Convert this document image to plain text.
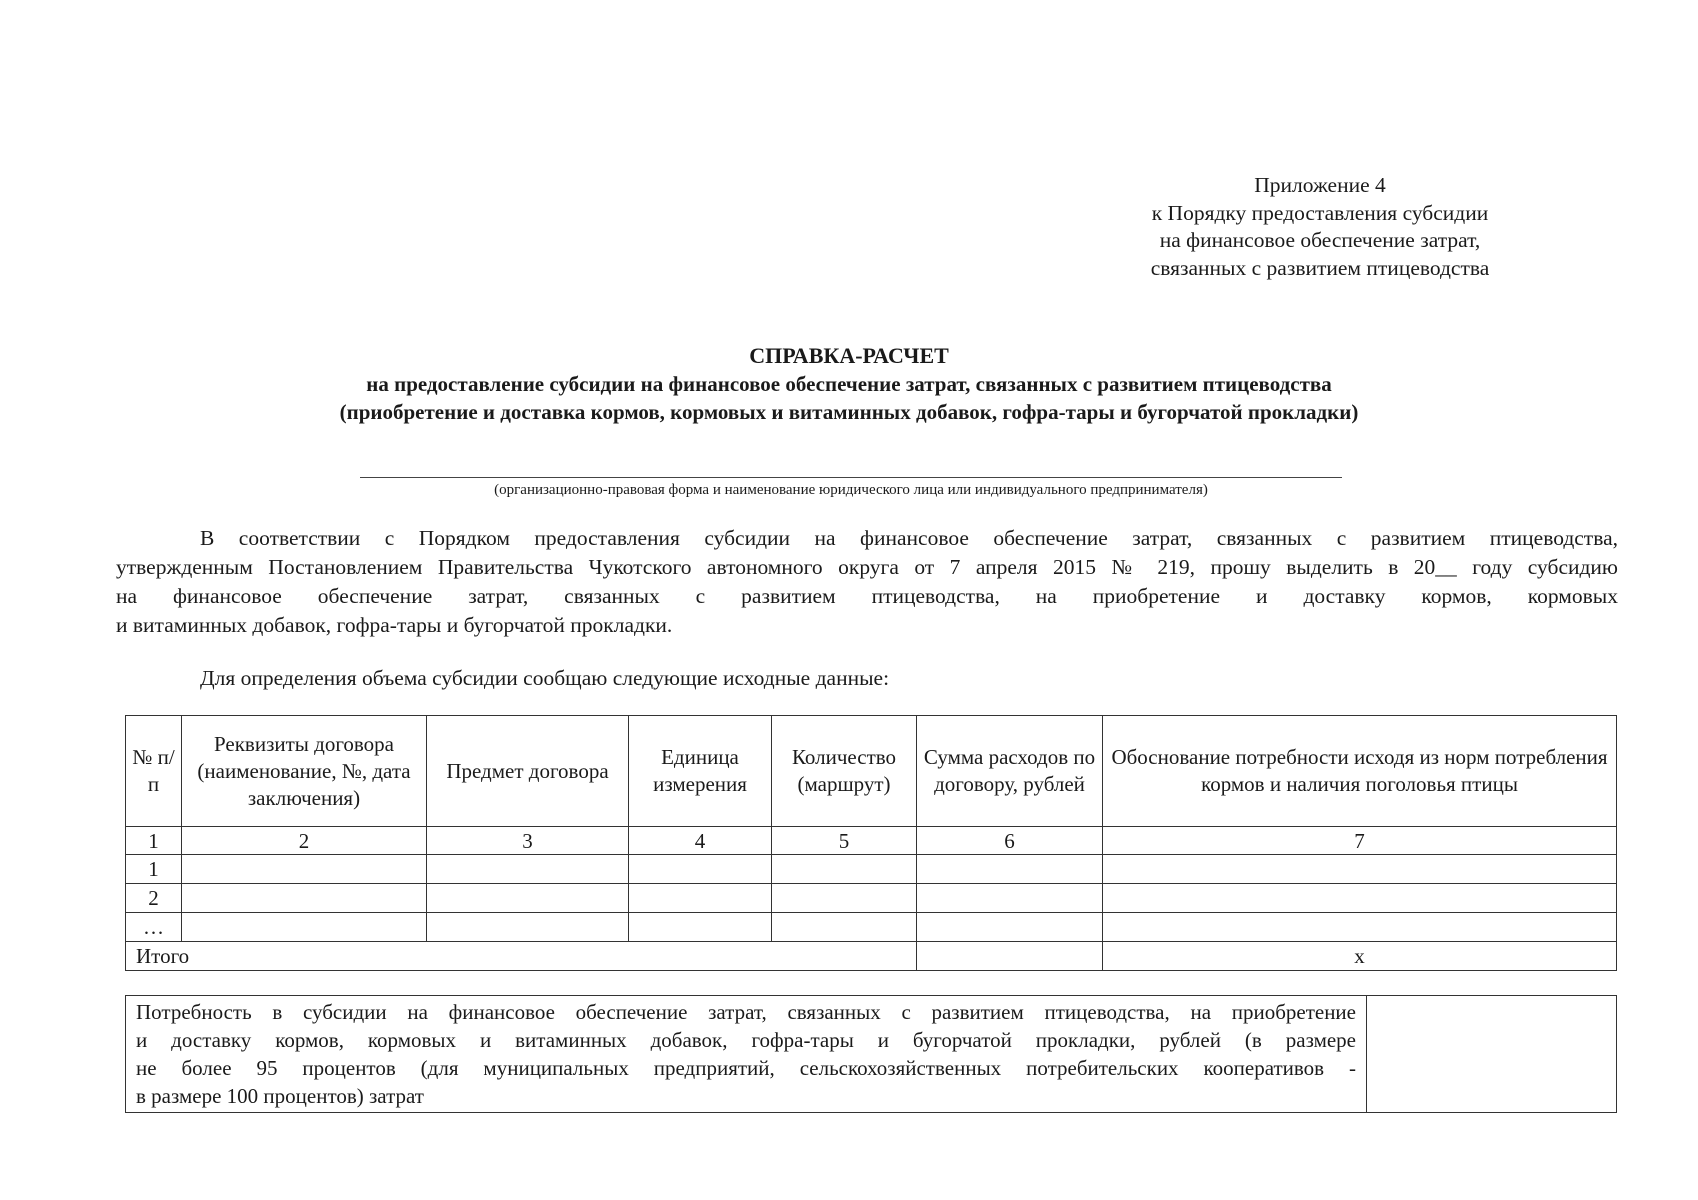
Приложение 4
к Порядку предоставления субсидии
на финансовое обеспечение затрат,
связанных с развитием птицеводства
СПРАВКА-РАСЧЕТ
на предоставление субсидии на финансовое обеспечение затрат, связанных с развитием птицеводства
(приобретение и доставка кормов, кормовых и витаминных добавок, гофра-тары и бугорчатой прокладки)
(организационно-правовая форма и наименование юридического лица или индивидуального предпринимателя)
В соответствии с Порядком предоставления субсидии на финансовое обеспечение затрат, связанных с развитием птицеводства,
утвержденным Постановлением Правительства Чукотского автономного округа от 7 апреля 2015 № 219, прошу выделить в 20__ году субсидию
на финансовое обеспечение затрат, связанных с развитием птицеводства, на приобретение и доставку кормов, кормовых
и витаминных добавок, гофра-тары и бугорчатой прокладки.
Для определения объема субсидии сообщаю следующие исходные данные:
№ п/п	Реквизиты договора (наименование, №, дата заключения)	Предмет договора	Единица измерения	Количество (маршрут)	Сумма расходов по договору, рублей	Обоснование потребности исходя из норм потребления кормов и наличия поголовья птицы
1	2	3	4	5	6	7
1						
2						
…						
Итого						х
Потребность в субсидии на финансовое обеспечение затрат, связанных с развитием птицеводства, на приобретение
и доставку кормов, кормовых и витаминных добавок, гофра-тары и бугорчатой прокладки, рублей (в размере
не более 95 процентов (для муниципальных предприятий, сельскохозяйственных потребительских кооперативов -
в размере 100 процентов) затрат
